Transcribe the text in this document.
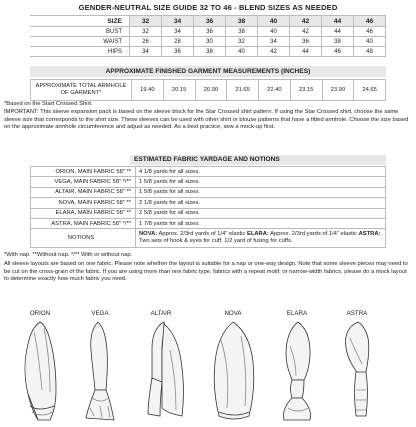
GENDER-NEUTRAL SIZE GUIDE 32 TO 46 - BLEND SIZES AS NEEDED
SIZE	32	34	36	38	40	42	44	46
BUST	32	34	36	38	40	42	44	46
WAIST	26	28	30	32	34	36	38	40
HIPS	34	36	38	40	42	44	46	48
APPROXIMATE FINISHED GARMENT MEASUREMENTS (INCHES)
APPROXIMATE TOTAL ARMHOLE
OF GARMENT*	19.40	20.15	20.90	21.65	22.40	23.15	23.90	24.65
*Based on the Start Crossed Shirt.
IMPORTANT: This sleeve expansion pack is based on the sleeve block for the Star Crossed shirt pattern. If using the Star Crossed shirt, choose the same sleeve size that corresponds to the shirt size. These sleeves can be used with other shirt or blouse patterns that have a fitted armhole. Choose the size based on the approximate armhole circumference and adjust as needed. As a best practice, sew a mock-up first.
ESTIMATED FABRIC YARDAGE AND NOTIONS
ORION, MAIN FABRIC 58" **	4 1/8 yards for all sizes.
VEGA, MAIN FABRIC 58" */**	1 5/8 yards for all sizes.
ALTAIR, MAIN FABRIC 58" **	1 5/8 yards for all sizes.
NOVA, MAIN FABRIC 58" **	2 1/8 yards for all sizes.
ELARA, MAIN FABRIC 58" **	2 5/8 yards for all sizes.
ASTRA, MAIN FABRIC 58" */**	1 7/8 yards for all sizes.
NOTIONS	NOVA: Approx. 2/3rd yards of 1/4" elastic ELARA: Approx. 2/3rd yards of 1/4" elastic ASTRA: Two sets of hook & eyes for cuff. 1/2 yard of fusing for cuffs.
*With nap. **Without nap. */** With or without nap.
All sleeve layouts are based on one fabric. Please note whether the layout is suitable for a nap or one-way design. Note that some sleeve pieces may need to be cut on the cross-grain of the fabric. If you are using more than one fabric type, fabrics with a repeat motif, or narrow-width fabrics, please do a mock layout to determine exactly how much fabric you need.
ORION	VEGA	ALTAIR	NOVA	ELARA	ASTRA
